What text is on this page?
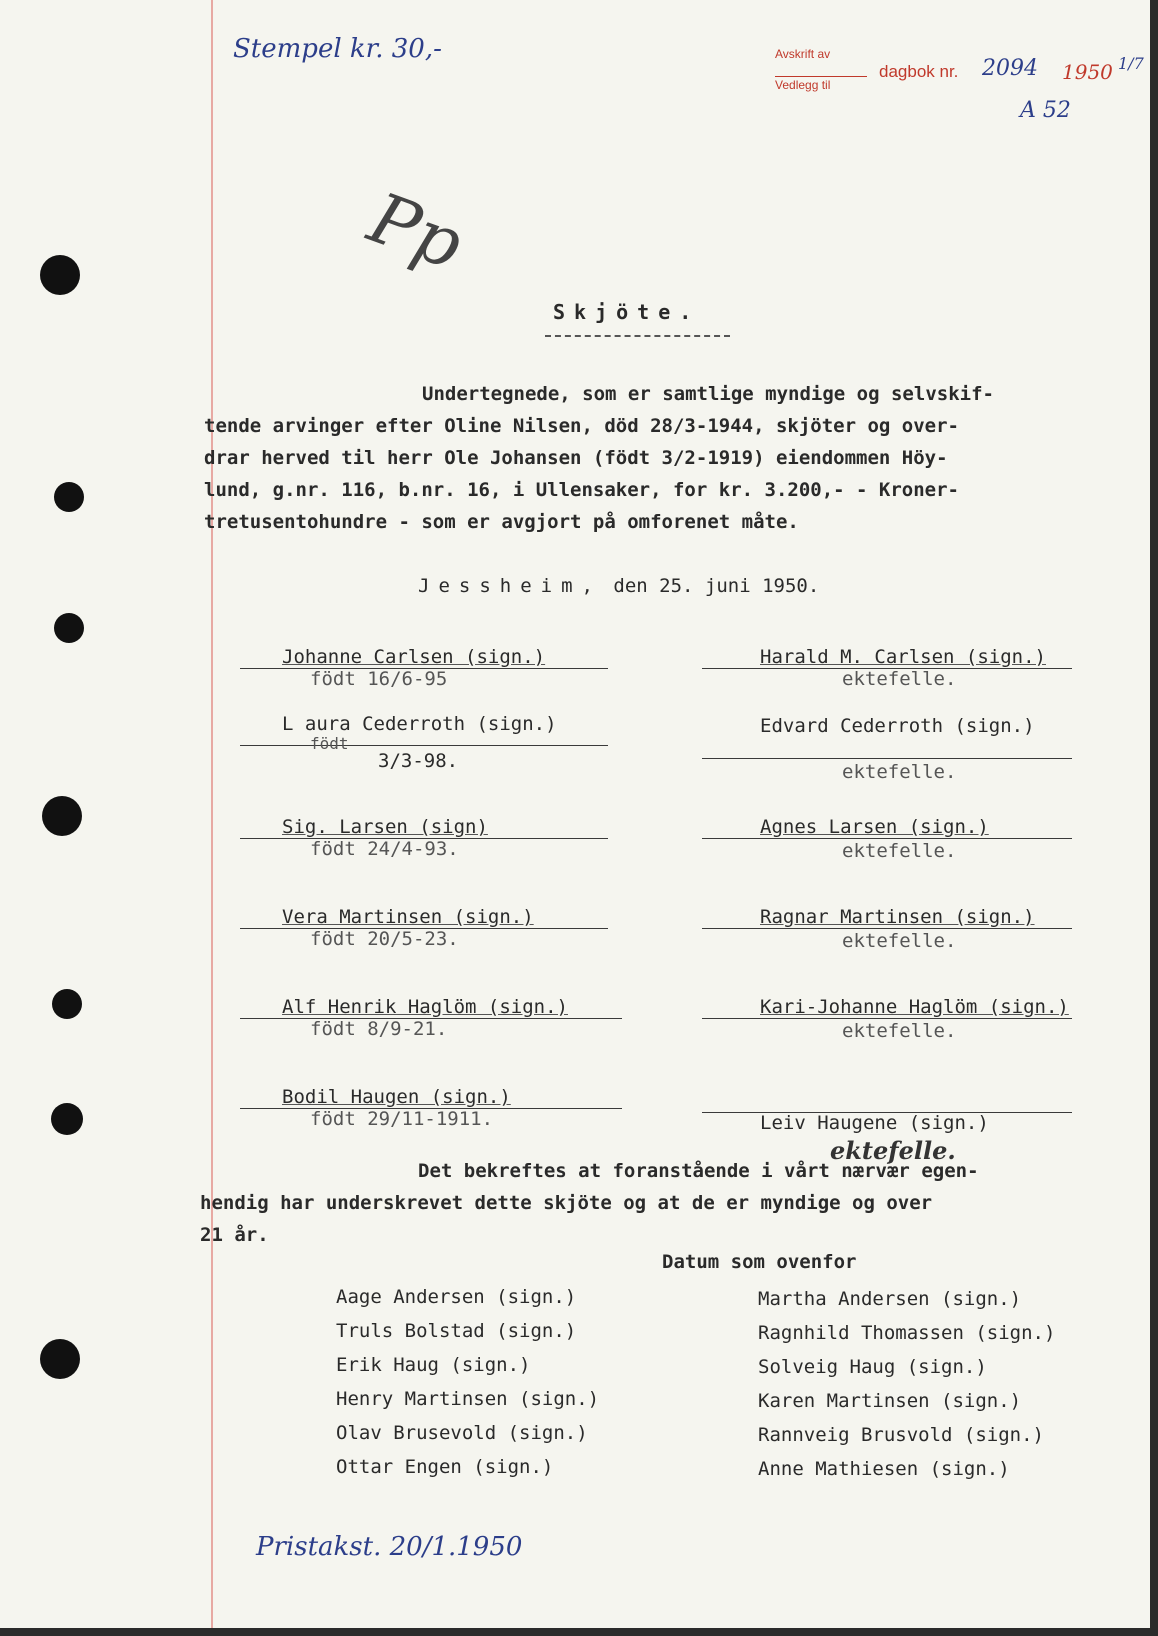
Stempel kr. 30,-	Avskrift av
Vedlegg til
dagbok nr. 2094 1950 1/7
A 52
Pp
Skjöte.
Undertegnede, som er samtlige myndige og selvskif-
tende arvinger efter Oline Nilsen, död 28/3-1944, skjöter og over-
drar herved til herr Ole Johansen (födt 3/2-1919) eiendommen Höy-
lund, g.nr. 116, b.nr. 16, i Ullensaker, for kr. 3.200,- - Kroner-
tretusentohundre - som er avgjort på omforenet måte.
Jessheim, den 25. juni 1950.
Johanne Carlsen (sign.)
födt 16/6-95
L aura Cederroth (sign.)
födt
3/3-98.
Sig. Larsen (sign)
födt 24/4-93.
Vera Martinsen (sign.)
födt 20/5-23.
Alf Henrik Haglöm (sign.)
födt 8/9-21.
Bodil Haugen (sign.)
födt 29/11-1911.
Harald M. Carlsen (sign.)
ektefelle.
Edvard Cederroth (sign.)
ektefelle.
Agnes Larsen (sign.)
ektefelle.
Ragnar Martinsen (sign.)
ektefelle.
Kari-Johanne Haglöm (sign.)
ektefelle.
Leiv Haugene (sign.)
ektefelle.
Det bekreftes at foranstående i vårt nærvær egen-
hendig har underskrevet dette skjöte og at de er myndige og over
21 år.
Datum som ovenfor
Aage Andersen (sign.)
Truls Bolstad (sign.)
Erik Haug (sign.)
Henry Martinsen (sign.)
Olav Brusevold (sign.)
Ottar Engen (sign.)
Martha Andersen (sign.)
Ragnhild Thomassen (sign.)
Solveig Haug (sign.)
Karen Martinsen (sign.)
Rannveig Brusvold (sign.)
Anne Mathiesen (sign.)
Pristakst. 20/1.1950
